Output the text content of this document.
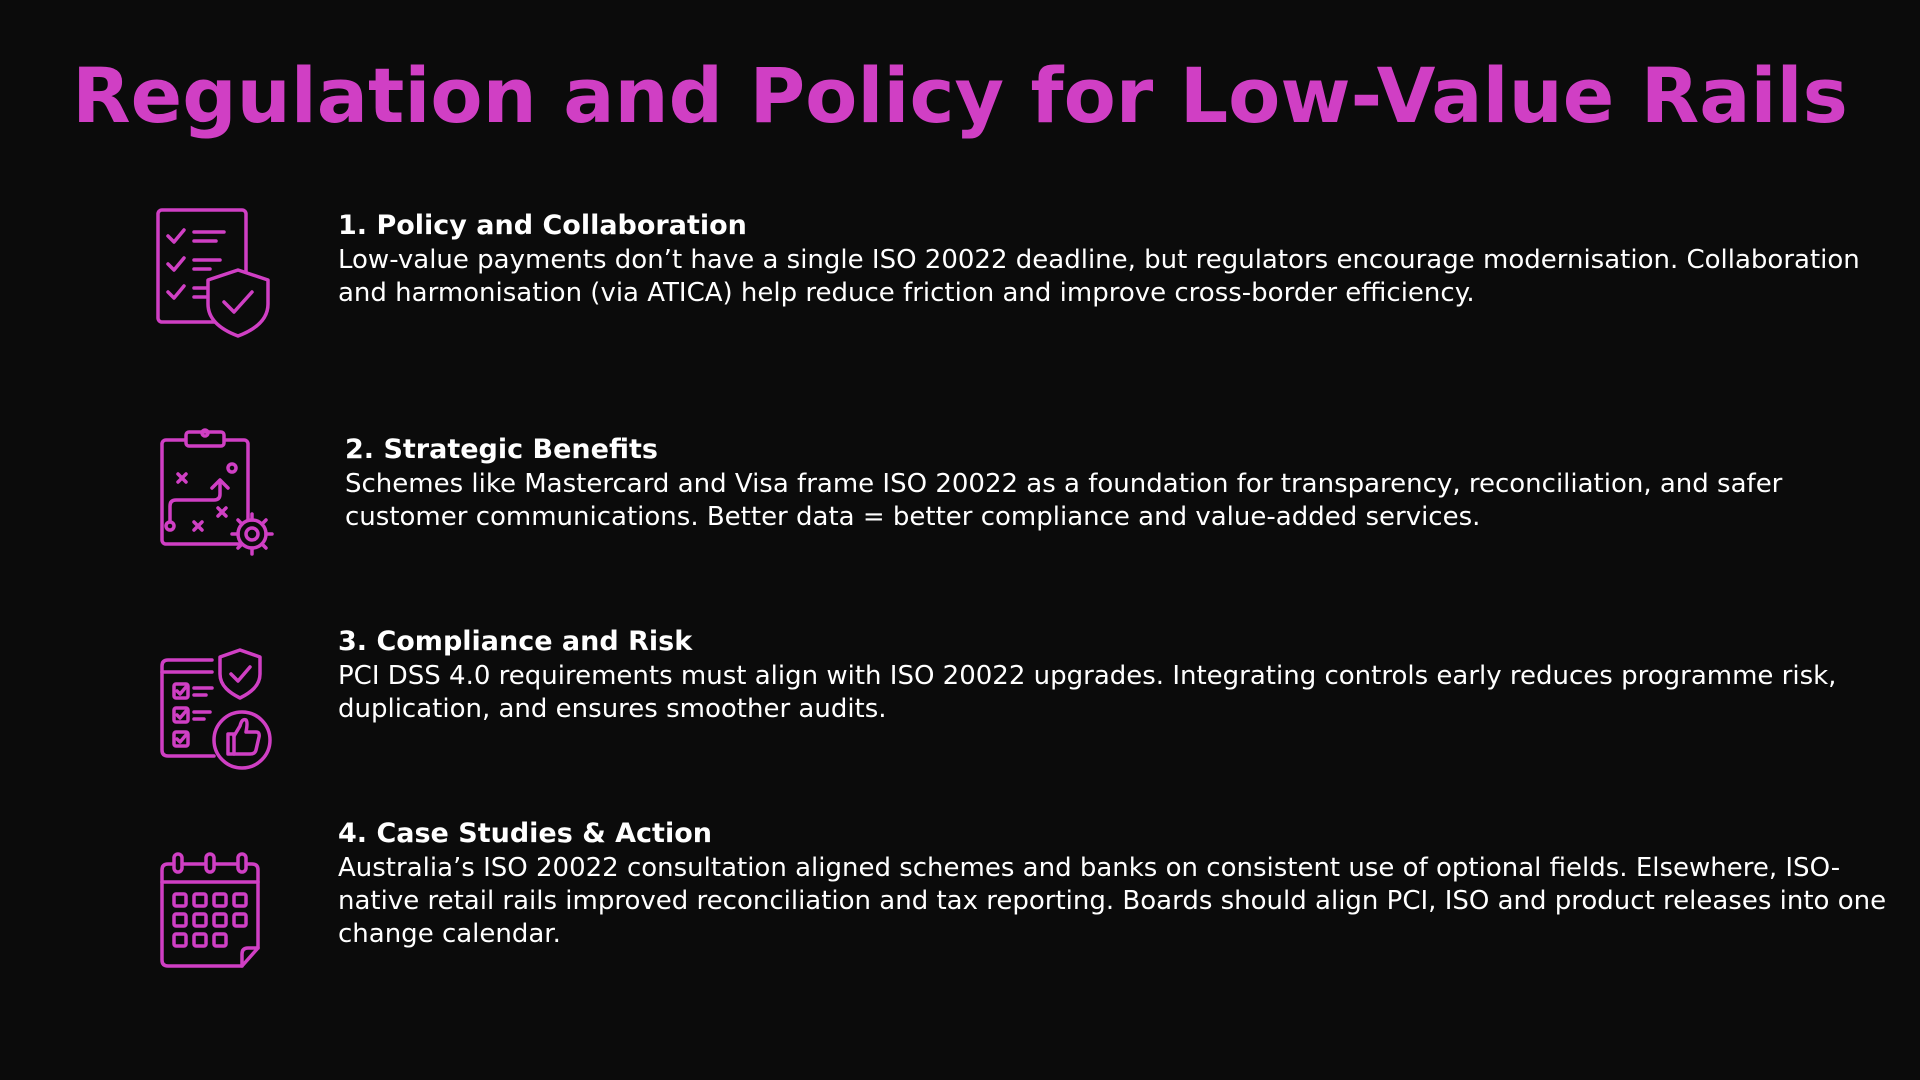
Regulation and Policy for Low-Value Rails

1. Policy and Collaboration

Low-value payments don’t have a single ISO 20022 deadline, but regulators encourage modernisation. Collaboration and harmonisation (via ATICA) help reduce friction and improve cross-border efficiency.

2. Strategic Benefits

Schemes like Mastercard and Visa frame ISO 20022 as a foundation for transparency, reconciliation, and safer customer communications. Better data = better compliance and value-added services.

3. Compliance and Risk

PCI DSS 4.0 requirements must align with ISO 20022 upgrades. Integrating controls early reduces programme risk, duplication, and ensures smoother audits.

4. Case Studies & Action

Australia’s ISO 20022 consultation aligned schemes and banks on consistent use of optional fields. Elsewhere, ISO-native retail rails improved reconciliation and tax reporting. Boards should align PCI, ISO and product releases into one change calendar.
